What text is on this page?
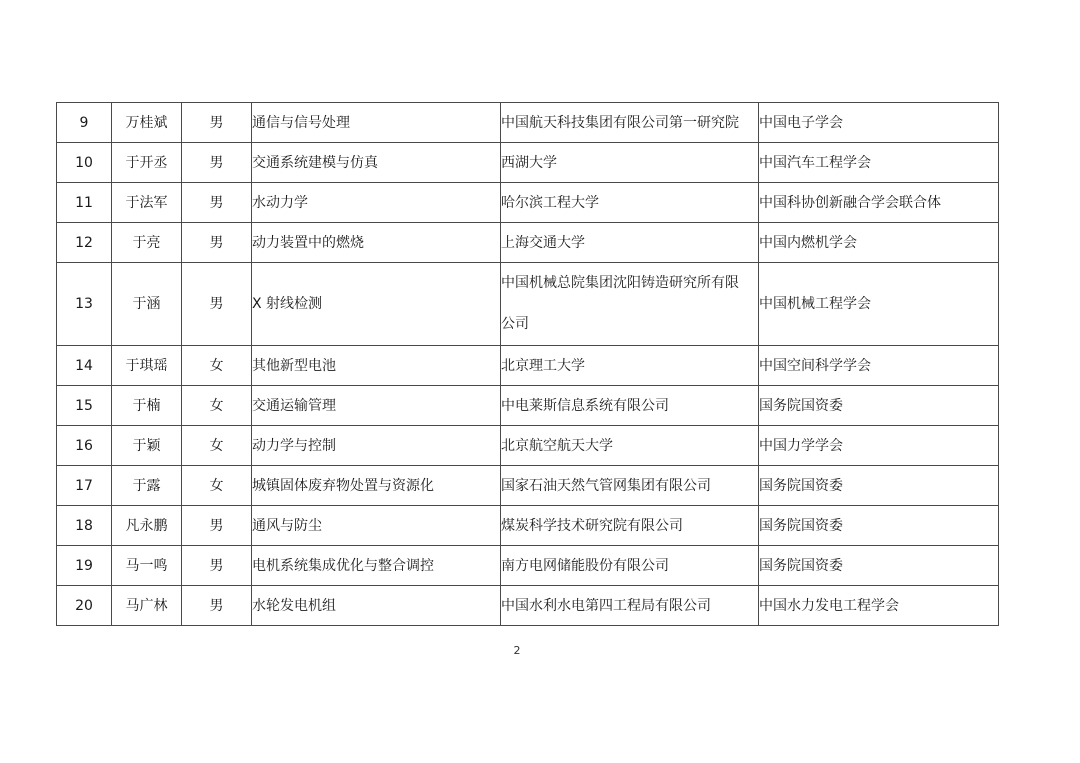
9	万桂斌	男	通信与信号处理	中国航天科技集团有限公司第一研究院	中国电子学会
10	于开丞	男	交通系统建模与仿真	西湖大学	中国汽车工程学会
11	于法军	男	水动力学	哈尔滨工程大学	中国科协创新融合学会联合体
12	于亮	男	动力装置中的燃烧	上海交通大学	中国内燃机学会
13	于涵	男	X 射线检测	中国机械总院集团沈阳铸造研究所有限公司	中国机械工程学会
14	于琪瑶	女	其他新型电池	北京理工大学	中国空间科学学会
15	于楠	女	交通运输管理	中电莱斯信息系统有限公司	国务院国资委
16	于颖	女	动力学与控制	北京航空航天大学	中国力学学会
17	于露	女	城镇固体废弃物处置与资源化	国家石油天然气管网集团有限公司	国务院国资委
18	凡永鹏	男	通风与防尘	煤炭科学技术研究院有限公司	国务院国资委
19	马一鸣	男	电机系统集成优化与整合调控	南方电网储能股份有限公司	国务院国资委
20	马广林	男	水轮发电机组	中国水利水电第四工程局有限公司	中国水力发电工程学会
2
